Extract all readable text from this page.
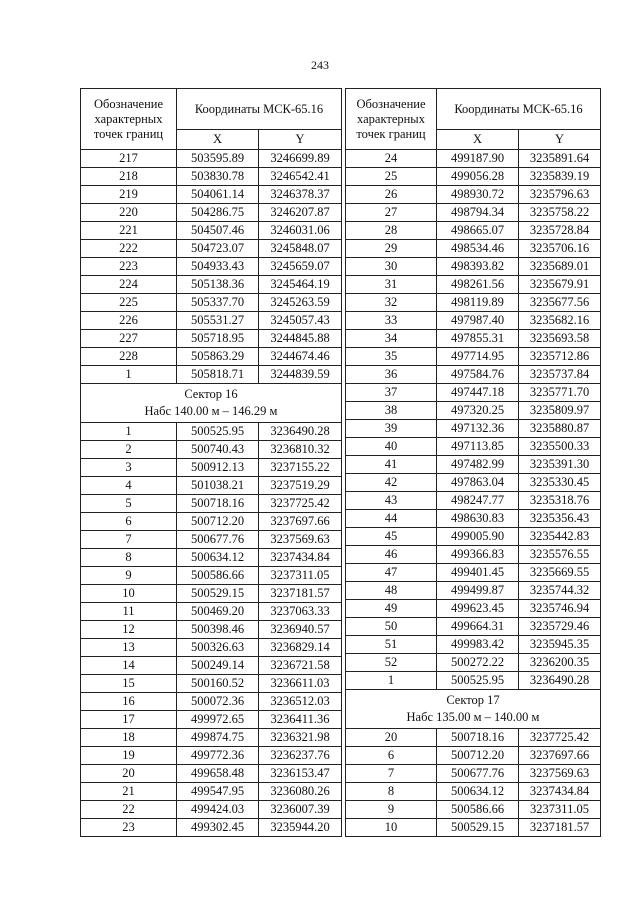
243
Обозначение характерных точек границ	Координаты МСК-65.16	
	X	Y
217	503595.89	3246699.89
218	503830.78	3246542.41
219	504061.14	3246378.37
220	504286.75	3246207.87
221	504507.46	3246031.06
222	504723.07	3245848.07
223	504933.43	3245659.07
224	505138.36	3245464.19
225	505337.70	3245263.59
226	505531.27	3245057.43
227	505718.95	3244845.88
228	505863.29	3244674.46
1	505818.71	3244839.59

Сектор 16
Набс 140.00 м – 146.29 м		

1	500525.95	3236490.28
2	500740.43	3236810.32
3	500912.13	3237155.22
4	501038.21	3237519.29
5	500718.16	3237725.42
6	500712.20	3237697.66
7	500677.76	3237569.63
8	500634.12	3237434.84
9	500586.66	3237311.05
10	500529.15	3237181.57
11	500469.20	3237063.33
12	500398.46	3236940.57
13	500326.63	3236829.14
14	500249.14	3236721.58
15	500160.52	3236611.03
16	500072.36	3236512.03
17	499972.65	3236411.36
18	499874.75	3236321.98
19	499772.36	3236237.76
20	499658.48	3236153.47
21	499547.95	3236080.26
22	499424.03	3236007.39
23	499302.45	3235944.20
Обозначение характерных точек границ	Координаты МСК-65.16	
	X	Y
24	499187.90	3235891.64
25	499056.28	3235839.19
26	498930.72	3235796.63
27	498794.34	3235758.22
28	498665.07	3235728.84
29	498534.46	3235706.16
30	498393.82	3235689.01
31	498261.56	3235679.91
32	498119.89	3235677.56
33	497987.40	3235682.16
34	497855.31	3235693.58
35	497714.95	3235712.86
36	497584.76	3235737.84
37	497447.18	3235771.70
38	497320.25	3235809.97
39	497132.36	3235880.87
40	497113.85	3235500.33
41	497482.99	3235391.30
42	497863.04	3235330.45
43	498247.77	3235318.76
44	498630.83	3235356.43
45	499005.90	3235442.83
46	499366.83	3235576.55
47	499401.45	3235669.55
48	499499.87	3235744.32
49	499623.45	3235746.94
50	499664.31	3235729.46
51	499983.42	3235945.35
52	500272.22	3236200.35
1	500525.95	3236490.28

Сектор 17
Набс 135.00 м – 140.00 м		

20	500718.16	3237725.42
6	500712.20	3237697.66
7	500677.76	3237569.63
8	500634.12	3237434.84
9	500586.66	3237311.05
10	500529.15	3237181.57
